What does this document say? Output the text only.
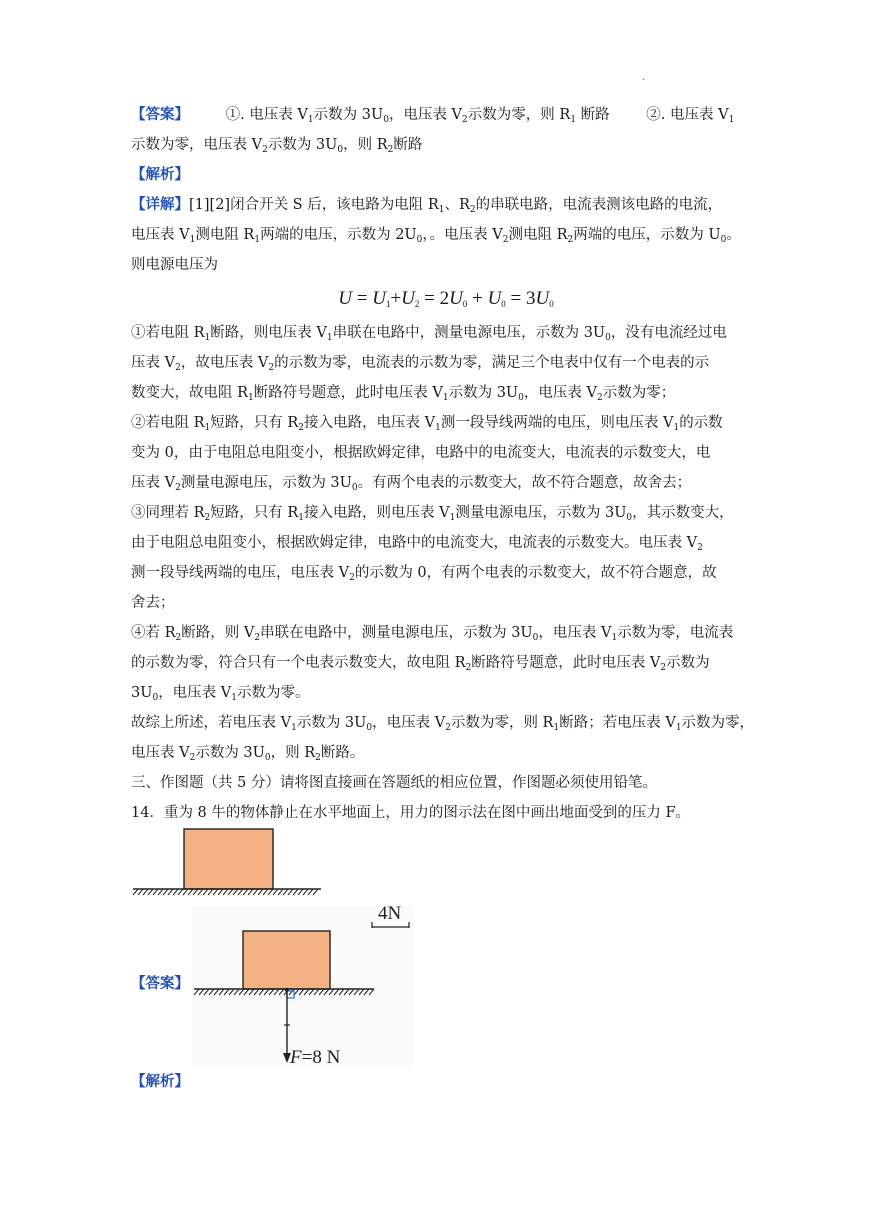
.
【答案】	①. 电压表 $V_1$示数为 $3U_0$，电压表 $V_2$示数为零，则 $R_1$ 断路	②. 电压表 $V_1$
示数为零，电压表 $V_2$示数为 $3U_0$，则 $R_2$断路
【解析】
【详解】[1][2]闭合开关 S 后，该电路为电阻 $R_1$、$R_2$的串联电路，电流表测该电路的电流，
电压表 $V_1$测电阻 $R_1$两端的电压，示数为 $2U_0$，。电压表 $V_2$测电阻 $R_2$两端的电压，示数为 $U_0$。
则电源电压为
$U = U_1+U_2 = 2U_0 + U_0 = 3U_0$
①若电阻 $R_1$断路，则电压表 $V_1$串联在电路中，测量电源电压，示数为 $3U_0$，没有电流经过电
压表 $V_2$，故电压表 $V_2$的示数为零，电流表的示数为零，满足三个电表中仅有一个电表的示
数变大，故电阻 $R_1$断路符号题意，此时电压表 $V_1$示数为 $3U_0$，电压表 $V_2$示数为零；
②若电阻 $R_1$短路，只有 $R_2$接入电路，电压表 $V_1$测一段导线两端的电压，则电压表 $V_1$的示数
变为 0，由于电阻总电阻变小，根据欧姆定律，电路中的电流变大，电流表的示数变大，电
压表 $V_2$测量电源电压，示数为 $3U_0$。有两个电表的示数变大，故不符合题意，故舍去；
③同理若 $R_2$短路，只有 $R_1$接入电路，则电压表 $V_1$测量电源电压，示数为 $3U_0$，其示数变大，
由于电阻总电阻变小，根据欧姆定律，电路中的电流变大，电流表的示数变大。电压表 $V_2$
测一段导线两端的电压，电压表 $V_2$的示数为 0，有两个电表的示数变大，故不符合题意，故
舍去；
④若 $R_2$断路，则 $V_2$串联在电路中，测量电源电压，示数为 $3U_0$，电压表 $V_1$示数为零，电流表
的示数为零，符合只有一个电表示数变大，故电阻 $R_2$断路符号题意，此时电压表 $V_2$示数为
$3U_0$，电压表 $V_1$示数为零。
故综上所述，若电压表 $V_1$示数为 $3U_0$，电压表 $V_2$示数为零，则 $R_1$断路；若电压表 $V_1$示数为零，
电压表 $V_2$示数为 $3U_0$，则 $R_2$断路。
三、作图题（共 5 分）请将图直接画在答题纸的相应位置，作图题必须使用铅笔。
14．重为 8 牛的物体静止在水平地面上，用力的图示法在图中画出地面受到的压力 F。
【答案】
4N
F=8 N
【解析】
